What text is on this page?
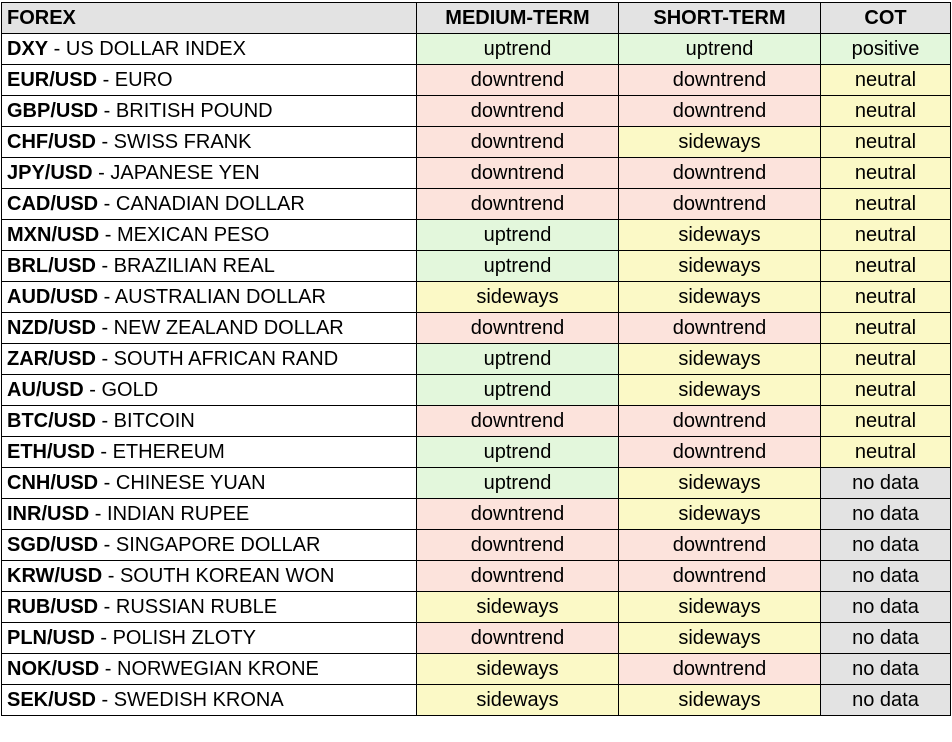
FOREX	MEDIUM-TERM	SHORT-TERM	COT
DXY - US DOLLAR INDEX	uptrend	uptrend	positive
EUR/USD - EURO	downtrend	downtrend	neutral
GBP/USD - BRITISH POUND	downtrend	downtrend	neutral
CHF/USD - SWISS FRANK	downtrend	sideways	neutral
JPY/USD - JAPANESE YEN	downtrend	downtrend	neutral
CAD/USD - CANADIAN DOLLAR	downtrend	downtrend	neutral
MXN/USD - MEXICAN PESO	uptrend	sideways	neutral
BRL/USD - BRAZILIAN REAL	uptrend	sideways	neutral
AUD/USD - AUSTRALIAN DOLLAR	sideways	sideways	neutral
NZD/USD - NEW ZEALAND DOLLAR	downtrend	downtrend	neutral
ZAR/USD - SOUTH AFRICAN RAND	uptrend	sideways	neutral
AU/USD - GOLD	uptrend	sideways	neutral
BTC/USD - BITCOIN	downtrend	downtrend	neutral
ETH/USD - ETHEREUM	uptrend	downtrend	neutral
CNH/USD - CHINESE YUAN	uptrend	sideways	no data
INR/USD - INDIAN RUPEE	downtrend	sideways	no data
SGD/USD - SINGAPORE DOLLAR	downtrend	downtrend	no data
KRW/USD - SOUTH KOREAN WON	downtrend	downtrend	no data
RUB/USD - RUSSIAN RUBLE	sideways	sideways	no data
PLN/USD - POLISH ZLOTY	downtrend	sideways	no data
NOK/USD - NORWEGIAN KRONE	sideways	downtrend	no data
SEK/USD - SWEDISH KRONA	sideways	sideways	no data
